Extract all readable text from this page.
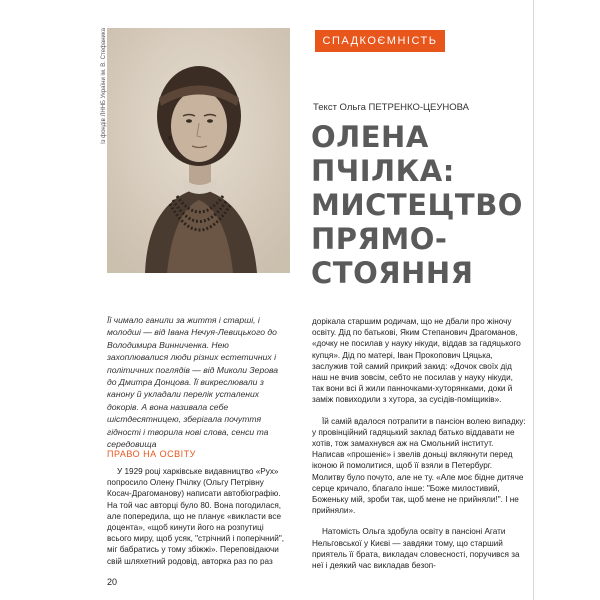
СПАДКОЄМНІСТЬ
Із фондів ЛННБ України ім. В. Стефаника	Текст Ольга ПЕТРЕНКО-ЦЕУНОВА
ОЛЕНА
ПЧІЛКА:
МИСТЕЦТВО
ПРЯМО-
СТОЯННЯ

Її чимало ганили за життя і старші, і молодші — від Івана Нечуя-Левицького до Володимира Винниченка. Нею захоплювалися люди різних естетичних і політичних поглядів — від Миколи Зерова до Дмитра Донцова. Її викреслювали з канону й укладали перелік усталених докорів. А вона називала себе шістдесятницею, зберігала почуття гідності і творила нові слова, сенси та середовища

ПРАВО НА ОСВІТУ

У 1929 році харківське видавництво «Рух» попросило Олену Пчілку (Ольгу Петрівну Косач-Драгоманову) написати автобіографію. На той час авторці було 80. Вона погодилася, але попередила, що не планує «викласти все доцента», «щоб кинути його на розпутиці всього миру, щоб усяк, "стрічний і поперічний", міг бабратись у тому збіжжі». Переповідаючи свій шляхетний родовід, авторка раз по раз

дорікала старшим родичам, що не дбали про жіночу освіту. Дід по батькові, Яким Степанович Драгоманов, «дочку не посилав у науку нікуди, віддав за гадяцького купця». Дід по матері, Іван Прокопович Цяцька, заслужив той самий прикрий закид: «Дочок своїх дід наш не вчив зовсім, себто не посилав у науку нікуди, так вони всі й жили панночками-хуторянками, доки й заміж повиходили з хутора, за сусідів-поміщиків».

Їй самій вдалося потрапити в пансіон волею випадку: у провінційний гадяцький заклад батько віддавати не хотів, тож замахнувся аж на Смольний інститут. Написав «прошеніє» і звелів доньці вклякнути перед іконою й помолитися, щоб її взяли в Петербург. Молитву було почуто, але не ту. «Але моє бідне дитяче серце кричало, благало інше: "Боже милостивий, Боженьку мій, зроби так, щоб мене не прийняли!". І не прийняли».

Натомість Ольга здобула освіту в пансіоні Агати Нельговської у Києві — завдяки тому, що старший приятель її брата, викладач словесності, поручився за неї і деякий час викладав безоп-

20
